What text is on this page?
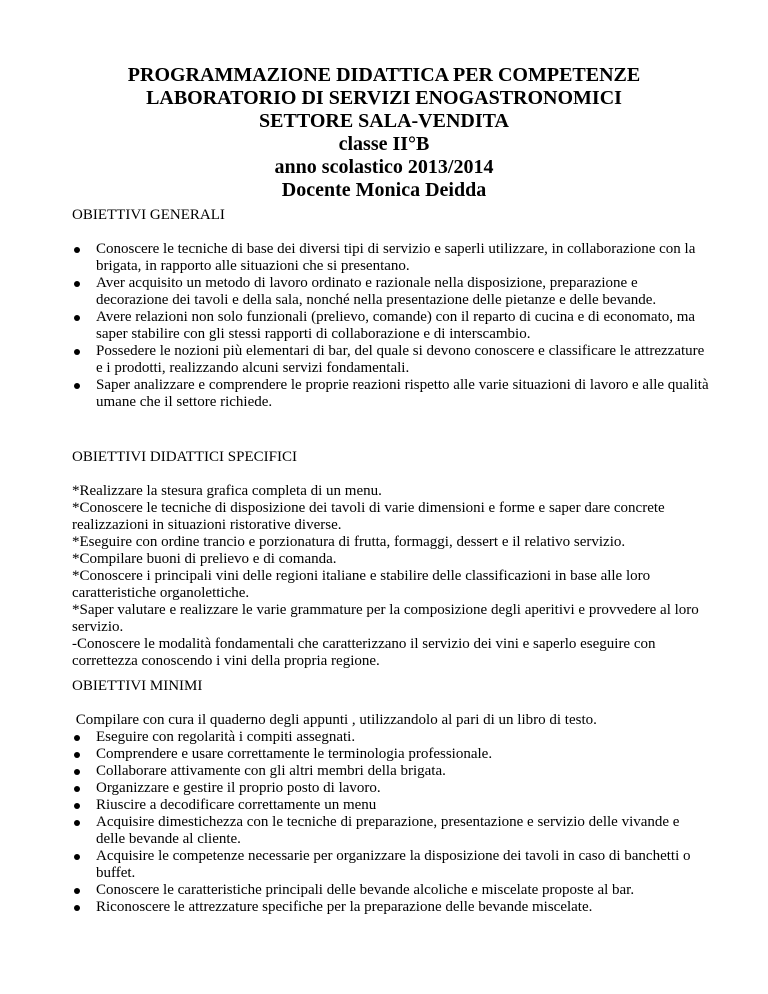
PROGRAMMAZIONE DIDATTICA PER COMPETENZE
LABORATORIO DI SERVIZI ENOGASTRONOMICI
SETTORE SALA-VENDITA
classe II°B
anno scolastico 2013/2014
Docente Monica Deidda
OBIETTIVI GENERALI
Conoscere le tecniche di base dei diversi tipi di servizio e saperli utilizzare, in collaborazione con la brigata, in rapporto alle situazioni che si presentano.
Aver acquisito un metodo di lavoro ordinato e razionale nella disposizione, preparazione e decorazione dei tavoli e della sala, nonché nella presentazione delle pietanze e delle bevande.
Avere relazioni non solo funzionali (prelievo, comande) con il reparto di cucina e di economato, ma saper stabilire con gli stessi rapporti di collaborazione e di interscambio.
Possedere le nozioni più elementari di bar, del quale si devono conoscere e classificare le attrezzature e i prodotti, realizzando alcuni servizi fondamentali.
Saper analizzare e comprendere le proprie reazioni rispetto alle varie situazioni di lavoro e alle qualità umane che il settore richiede.
OBIETTIVI DIDATTICI SPECIFICI

*Realizzare la stesura grafica completa di un menu.

*Conoscere le tecniche di disposizione dei tavoli di varie dimensioni e forme e saper dare concrete realizzazioni in situazioni ristorative diverse.

*Eseguire con ordine trancio e porzionatura di frutta, formaggi, dessert e il relativo servizio.

*Compilare buoni di prelievo e di comanda.

*Conoscere i principali vini delle regioni italiane e stabilire delle classificazioni in base alle loro caratteristiche organolettiche.

*Saper valutare e realizzare le varie grammature per la composizione degli aperitivi e provvedere al loro servizio.

-Conoscere le modalità fondamentali che caratterizzano il servizio dei vini e saperlo eseguire con correttezza conoscendo i vini della propria regione.

OBIETTIVI MINIMI

Compilare con cura il quaderno degli appunti , utilizzandolo al pari di un libro di testo.

Eseguire con regolarità i compiti assegnati.
Comprendere e usare correttamente le terminologia professionale.
Collaborare attivamente con gli altri membri della brigata.
Organizzare e gestire il proprio posto di lavoro.
Riuscire a decodificare correttamente un menu
Acquisire dimestichezza con le tecniche di preparazione, presentazione e servizio delle vivande e delle bevande al cliente.
Acquisire le competenze necessarie per organizzare la disposizione dei tavoli in caso di banchetti o buffet.
Conoscere le caratteristiche principali delle bevande alcoliche e miscelate proposte al bar.
Riconoscere le attrezzature specifiche per la preparazione delle bevande miscelate.
